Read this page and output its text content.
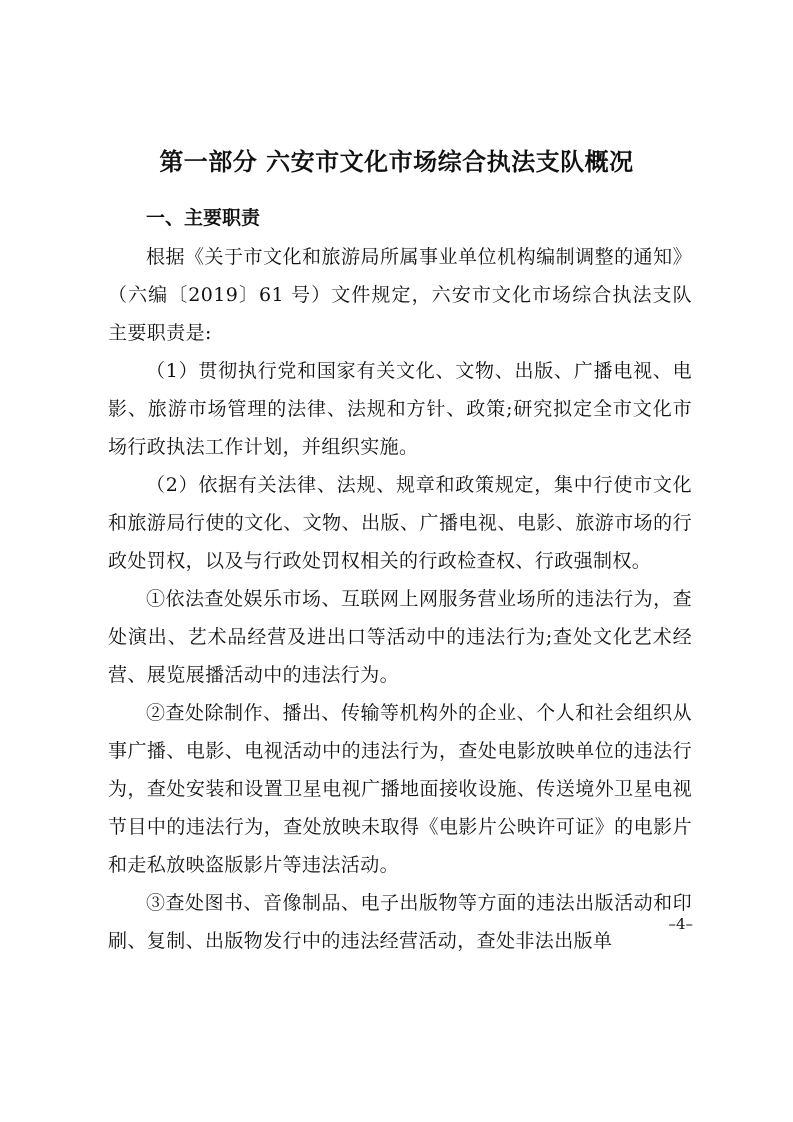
第一部分 六安市文化市场综合执法支队概况
一、主要职责

根据《关于市文化和旅游局所属事业单位机构编制调整的通知》（六编〔2019〕61 号）文件规定，六安市文化市场综合执法支队主要职责是:

（1）贯彻执行党和国家有关文化、文物、出版、广播电视、电影、旅游市场管理的法律、法规和方针、政策;研究拟定全市文化市场行政执法工作计划，并组织实施。

（2）依据有关法律、法规、规章和政策规定，集中行使市文化和旅游局行使的文化、文物、出版、广播电视、电影、旅游市场的行政处罚权，以及与行政处罚权相关的行政检查权、行政强制权。

①依法查处娱乐市场、互联网上网服务营业场所的违法行为，查处演出、艺术品经营及进出口等活动中的违法行为;查处文化艺术经营、展览展播活动中的违法行为。

②查处除制作、播出、传输等机构外的企业、个人和社会组织从事广播、电影、电视活动中的违法行为，查处电影放映单位的违法行为，查处安装和设置卫星电视广播地面接收设施、传送境外卫星电视节目中的违法行为，查处放映未取得《电影片公映许可证》的电影片和走私放映盗版影片等违法活动。

③查处图书、音像制品、电子出版物等方面的违法出版活动和印刷、复制、出版物发行中的违法经营活动，查处非法出版单

–4–
